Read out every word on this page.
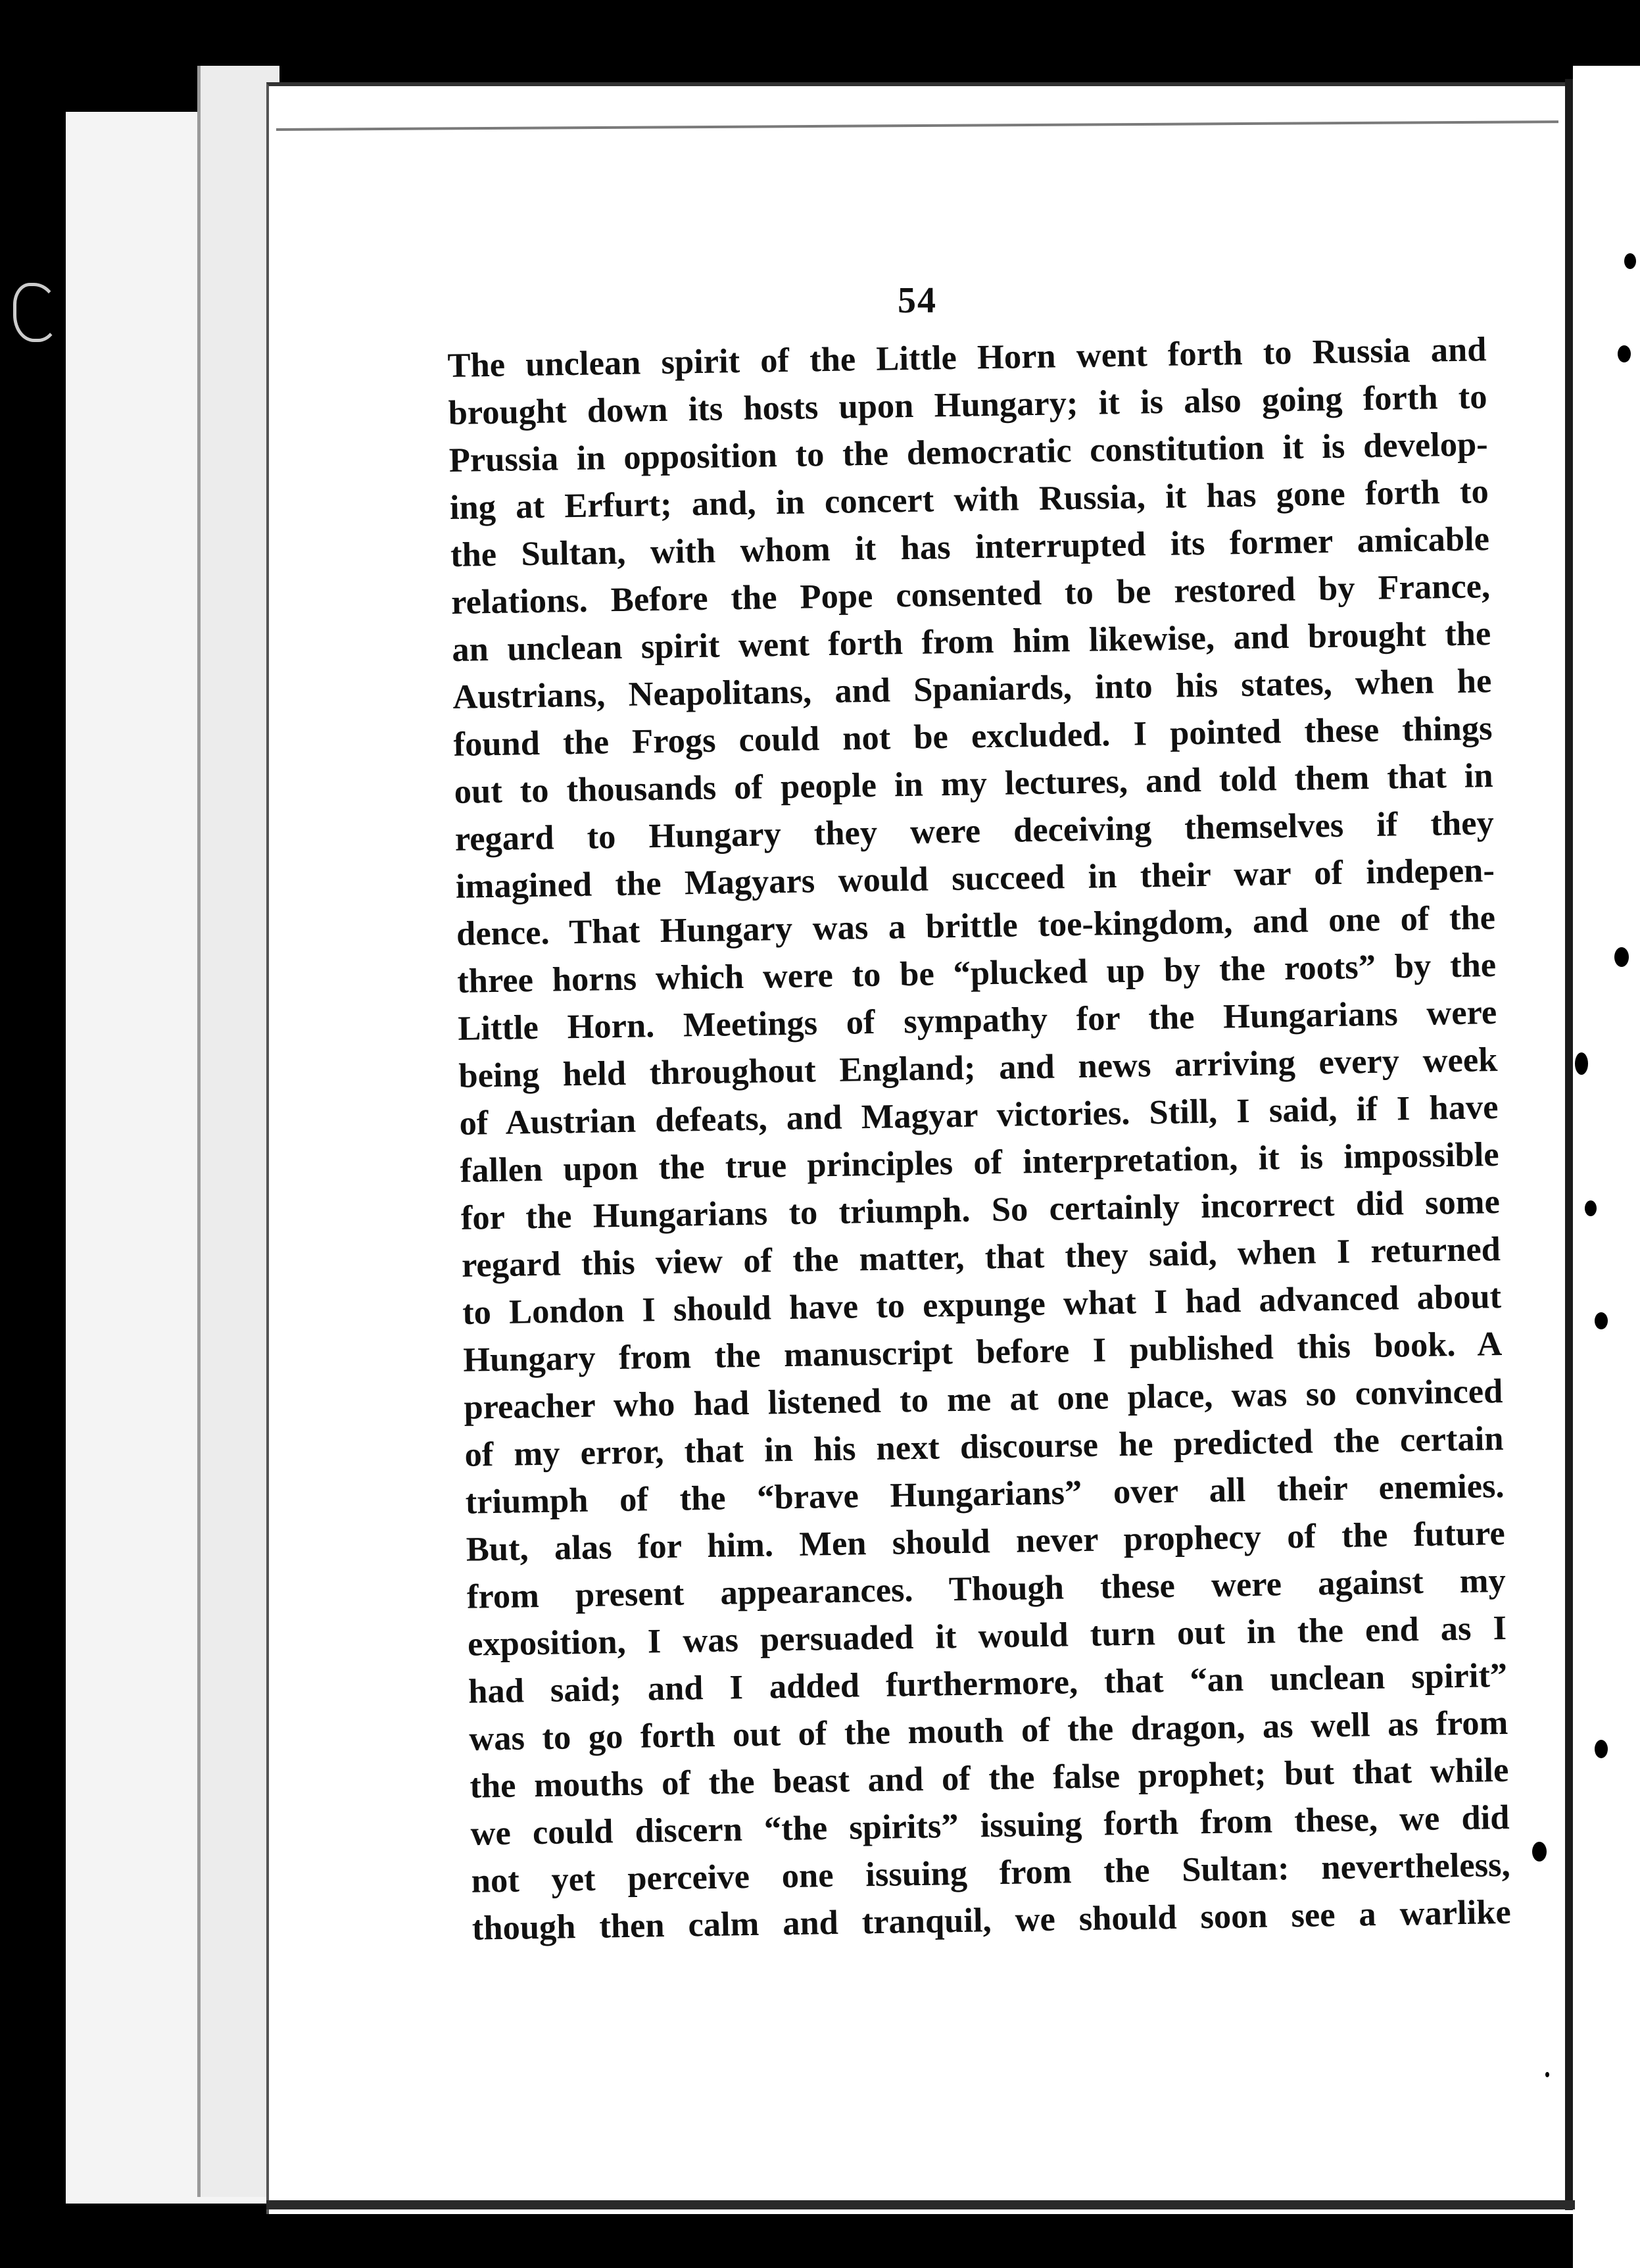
54
The unclean spirit of the Little Horn went forth to Russia and
brought down its hosts upon Hungary; it is also going forth to
Prussia in opposition to the democratic constitution it is develop-
ing at Erfurt; and, in concert with Russia, it has gone forth to
the Sultan, with whom it has interrupted its former amicable
relations. Before the Pope consented to be restored by France,
an unclean spirit went forth from him likewise, and brought the
Austrians, Neapolitans, and Spaniards, into his states, when he
found the Frogs could not be excluded. I pointed these things
out to thousands of people in my lectures, and told them that in
regard to Hungary they were deceiving themselves if they
imagined the Magyars would succeed in their war of indepen-
dence. That Hungary was a brittle toe-kingdom, and one of the
three horns which were to be “plucked up by the roots” by the
Little Horn. Meetings of sympathy for the Hungarians were
being held throughout England; and news arriving every week
of Austrian defeats, and Magyar victories. Still, I said, if I have
fallen upon the true principles of interpretation, it is impossible
for the Hungarians to triumph. So certainly incorrect did some
regard this view of the matter, that they said, when I returned
to London I should have to expunge what I had advanced about
Hungary from the manuscript before I published this book. A
preacher who had listened to me at one place, was so convinced
of my error, that in his next discourse he predicted the certain
triumph of the “brave Hungarians” over all their enemies.
But, alas for him. Men should never prophecy of the future
from present appearances. Though these were against my
exposition, I was persuaded it would turn out in the end as I
had said; and I added furthermore, that “an unclean spirit”
was to go forth out of the mouth of the dragon, as well as from
the mouths of the beast and of the false prophet; but that while
we could discern “the spirits” issuing forth from these, we did
not yet perceive one issuing from the Sultan: nevertheless,
though then calm and tranquil, we should soon see a warlike
